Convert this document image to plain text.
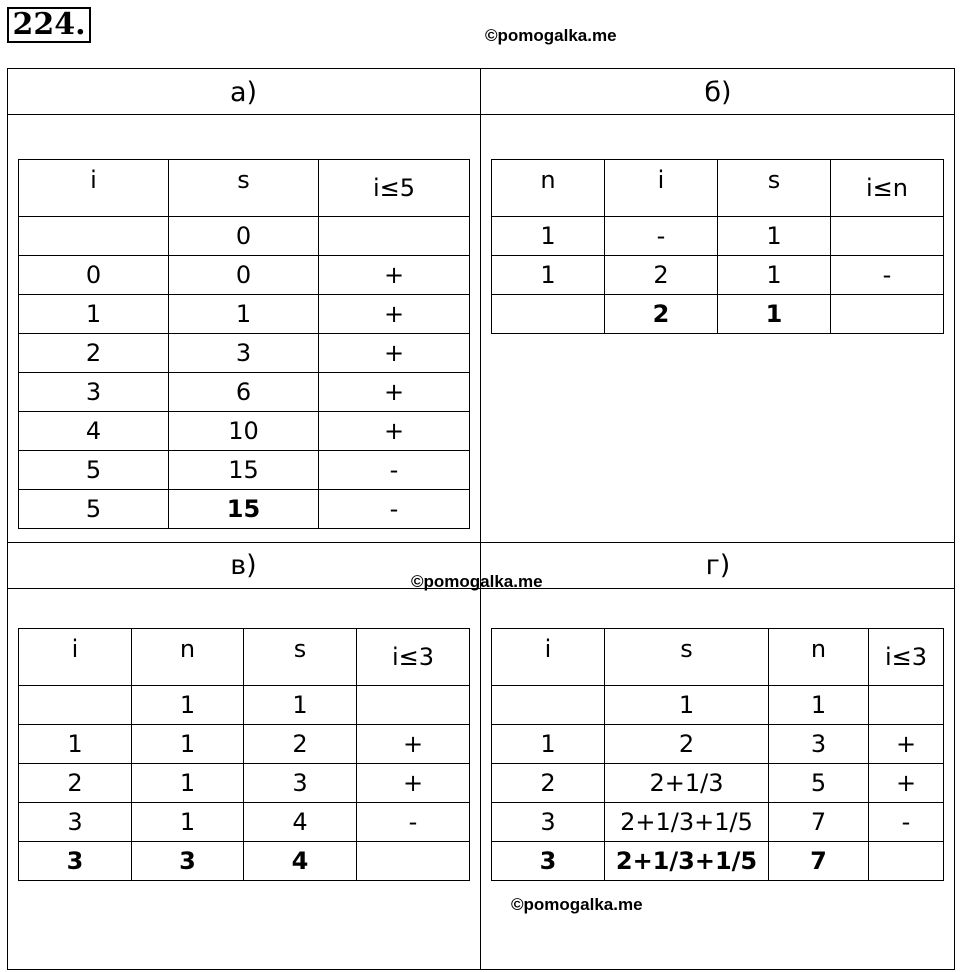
224.	©pomogalka.me
а)	б)
в)	г)
©pomogalka.me
i	s	i≤5
	0	
0	0	+
1	1	+
2	3	+
3	6	+
4	10	+
5	15	-
5	15	-
n	i	s	i≤n
1	-	1	
1	2	1	-
	2	1	
i	n	s	i≤3
	1	1	
1	1	2	+
2	1	3	+
3	1	4	-
3	3	4	
i	s	n	i≤3
	1	1	
1	2	3	+
2	2+1/3	5	+
3	2+1/3+1/5	7	-
3	2+1/3+1/5	7	
©pomogalka.me
